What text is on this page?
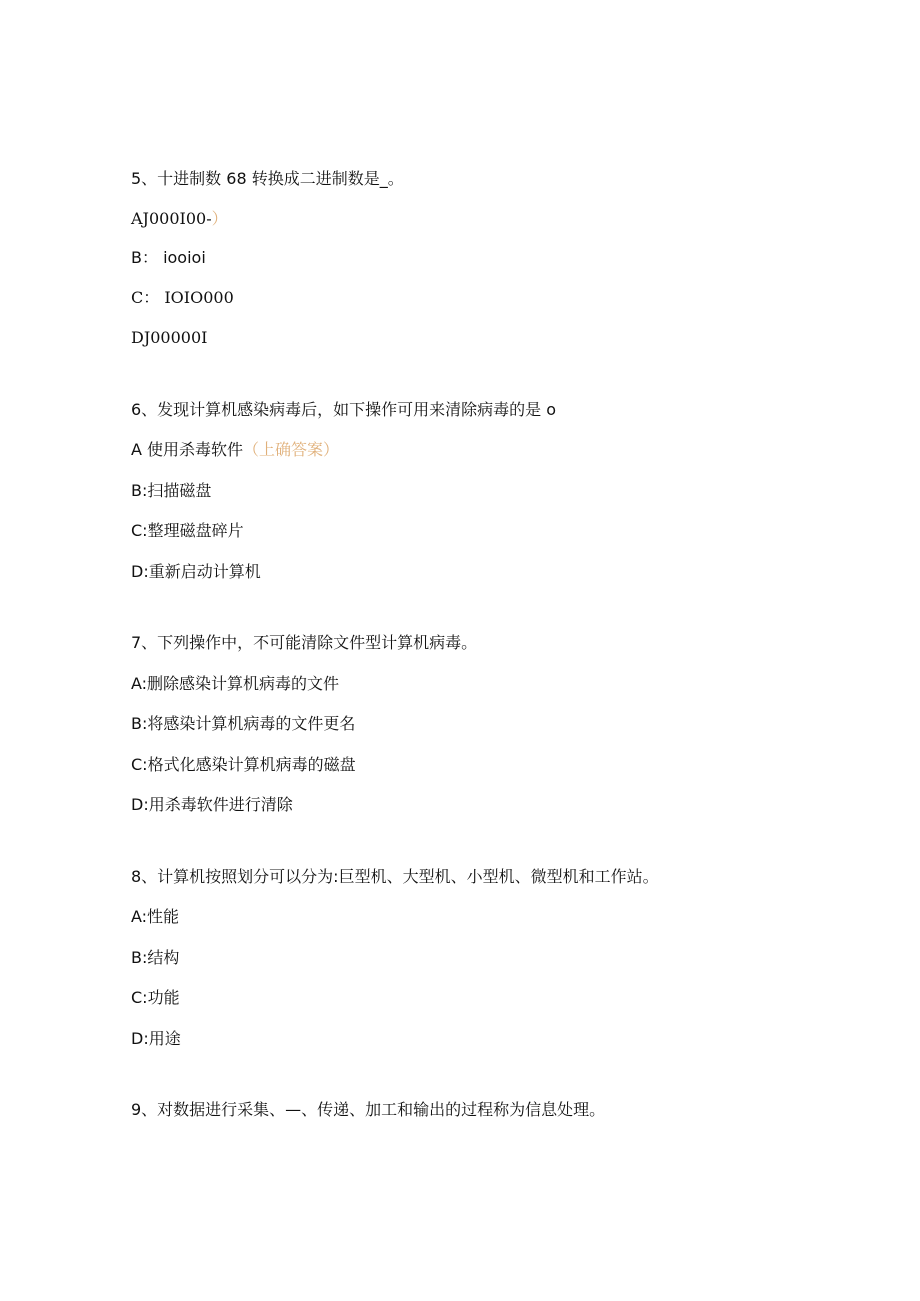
5、十进制数 68 转换成二进制数是_。
AJ000I00-）
B： iooioi
C： IOIO000
DJ00000I
6、发现计算机感染病毒后，如下操作可用来清除病毒的是 o
A 使用杀毒软件（上确答案）
B:扫描磁盘
C:整理磁盘碎片
D:重新启动计算机
7、下列操作中，不可能清除文件型计算机病毒。
A:删除感染计算机病毒的文件
B:将感染计算机病毒的文件更名
C:格式化感染计算机病毒的磁盘
D:用杀毒软件进行清除
8、计算机按照划分可以分为:巨型机、大型机、小型机、微型机和工作站。
A:性能
B:结构
C:功能
D:用途
9、对数据进行采集、—、传递、加工和输出的过程称为信息处理。
